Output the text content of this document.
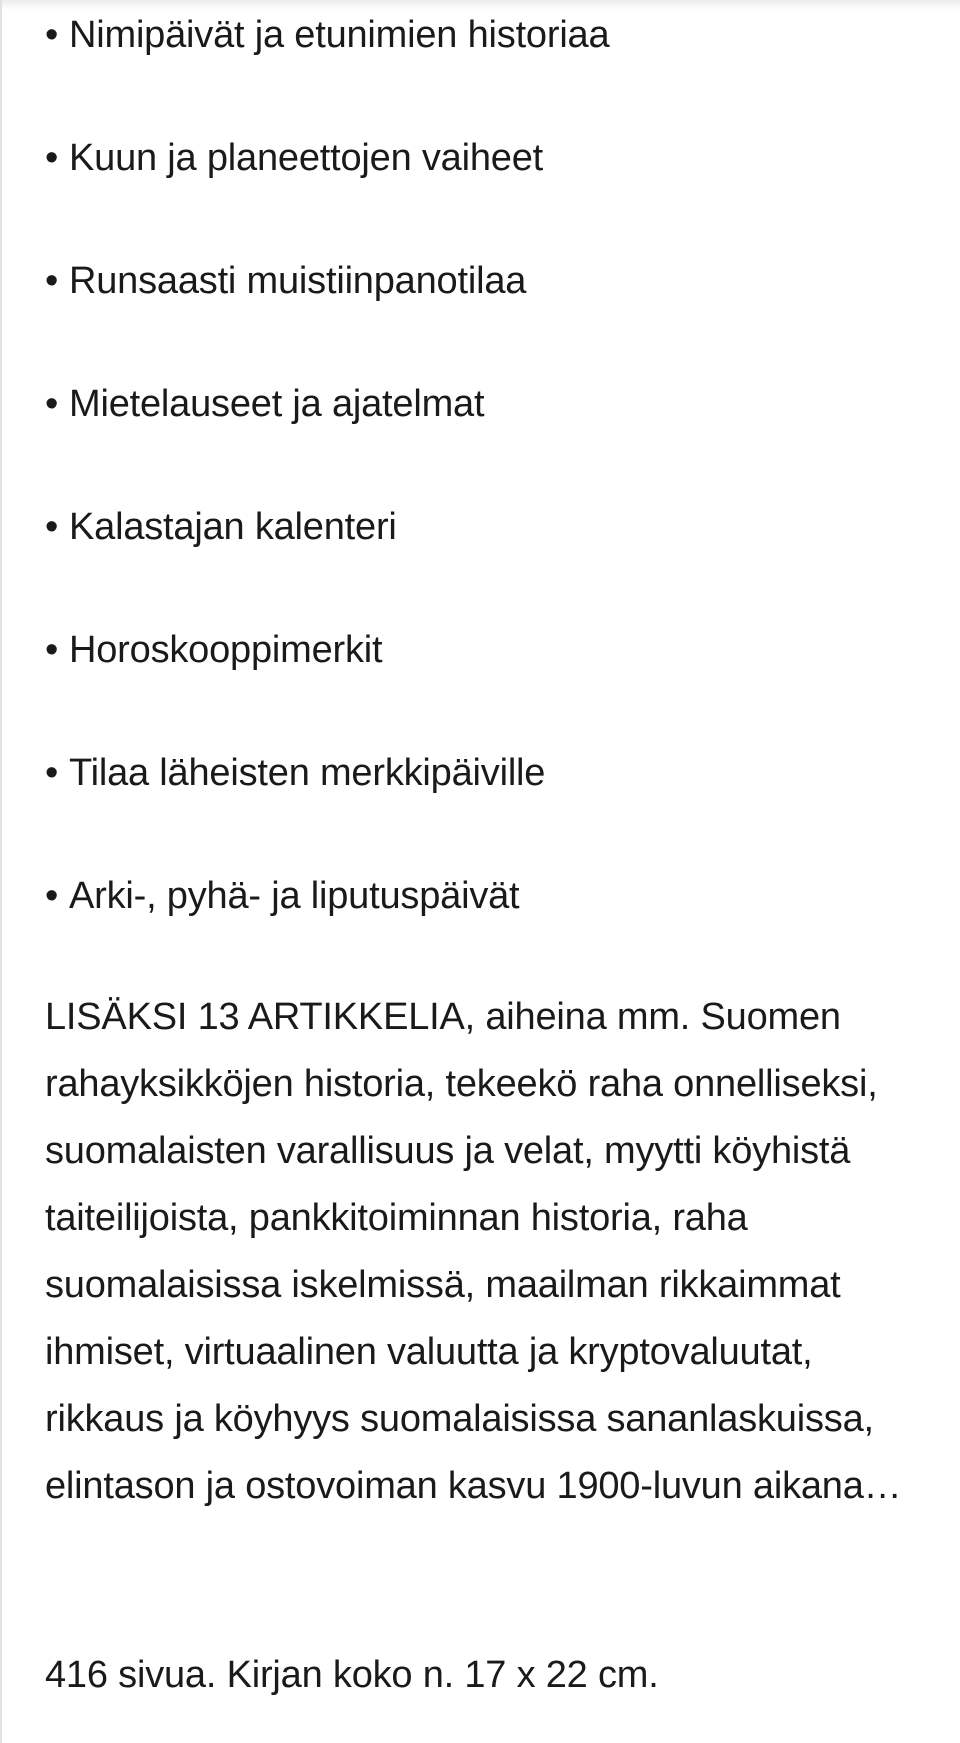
• Nimipäivät ja etunimien historiaa
• Kuun ja planeettojen vaiheet
• Runsaasti muistiinpanotilaa
• Mietelauseet ja ajatelmat
• Kalastajan kalenteri
• Horoskooppimerkit
• Tilaa läheisten merkkipäiville
• Arki-, pyhä- ja liputuspäivät

LISÄKSI 13 ARTIKKELIA, aiheina mm. Suomen rahayksikköjen historia, tekeekö raha onnelliseksi, suomalaisten varallisuus ja velat, myytti köyhistä taiteilijoista, pankkitoiminnan historia, raha suomalaisissa iskelmissä, maailman rikkaimmat ihmiset, virtuaalinen valuutta ja kryptovaluutat, rikkaus ja köyhyys suomalaisissa sananlaskuissa, elintason ja ostovoiman kasvu 1900-luvun aikana…

416 sivua. Kirjan koko n. 17 x 22 cm.
